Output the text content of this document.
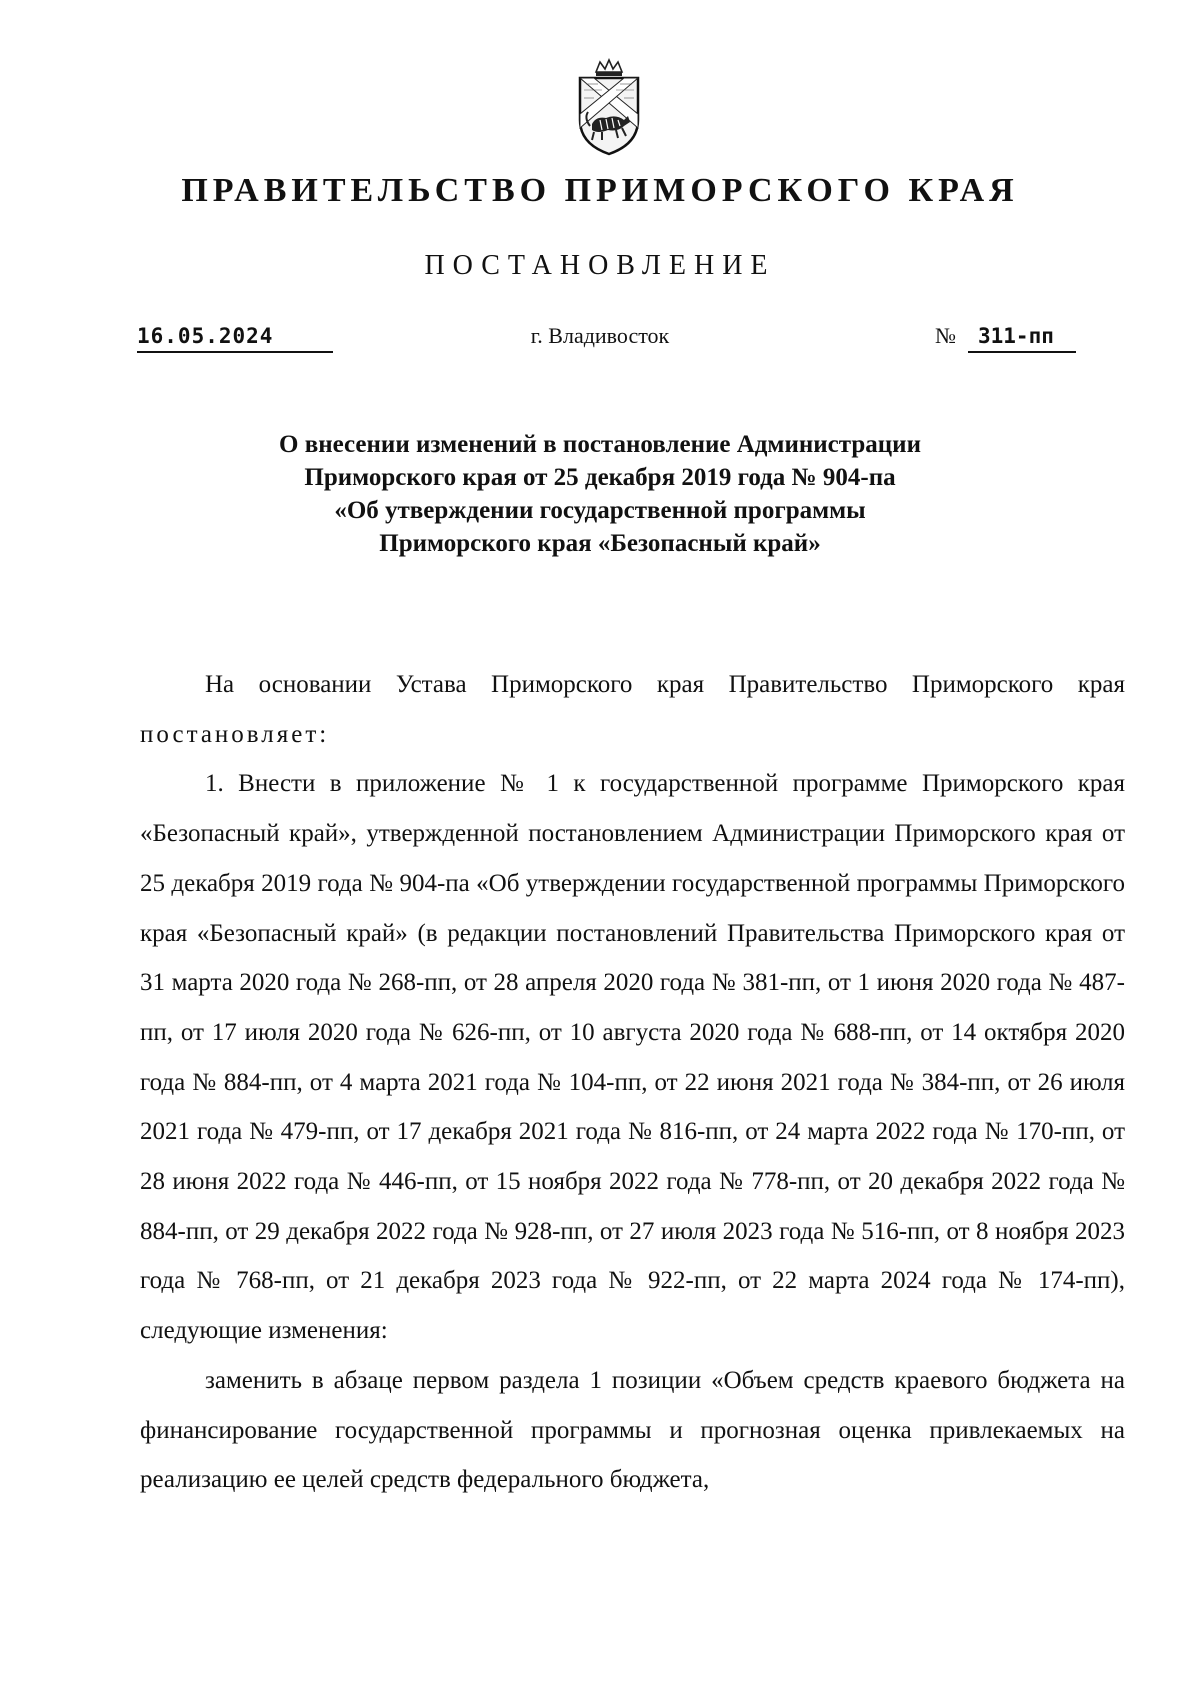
ПРАВИТЕЛЬСТВО ПРИМОРСКОГО КРАЯ
ПОСТАНОВЛЕНИЕ
16.05.2024	г. Владивосток	№	311-пп
О внесении изменений в постановление Администрации
Приморского края от 25 декабря 2019 года № 904-па
«Об утверждении государственной программы
Приморского края «Безопасный край»

На основании Устава Приморского края Правительство Приморского края постановляет:

1. Внести в приложение № 1 к государственной программе Приморского края «Безопасный край», утвержденной постановлением Администрации Приморского края от 25 декабря 2019 года № 904-па «Об утверждении государственной программы Приморского края «Безопасный край» (в редакции постановлений Правительства Приморского края от 31 марта 2020 года № 268-пп, от 28 апреля 2020 года № 381-пп, от 1 июня 2020 года № 487-пп, от 17 июля 2020 года № 626-пп, от 10 августа 2020 года № 688-пп, от 14 октября 2020 года № 884-пп, от 4 марта 2021 года № 104-пп, от 22 июня 2021 года № 384-пп, от 26 июля 2021 года № 479-пп, от 17 декабря 2021 года № 816-пп, от 24 марта 2022 года № 170-пп, от 28 июня 2022 года № 446-пп, от 15 ноября 2022 года № 778-пп, от 20 декабря 2022 года № 884-пп, от 29 декабря 2022 года № 928-пп, от 27 июля 2023 года № 516-пп, от 8 ноября 2023 года № 768-пп, от 21 декабря 2023 года № 922-пп, от 22 марта 2024 года № 174-пп), следующие изменения:

заменить в абзаце первом раздела 1 позиции «Объем средств краевого бюджета на финансирование государственной программы и прогнозная оценка привлекаемых на реализацию ее целей средств федерального бюджета,
